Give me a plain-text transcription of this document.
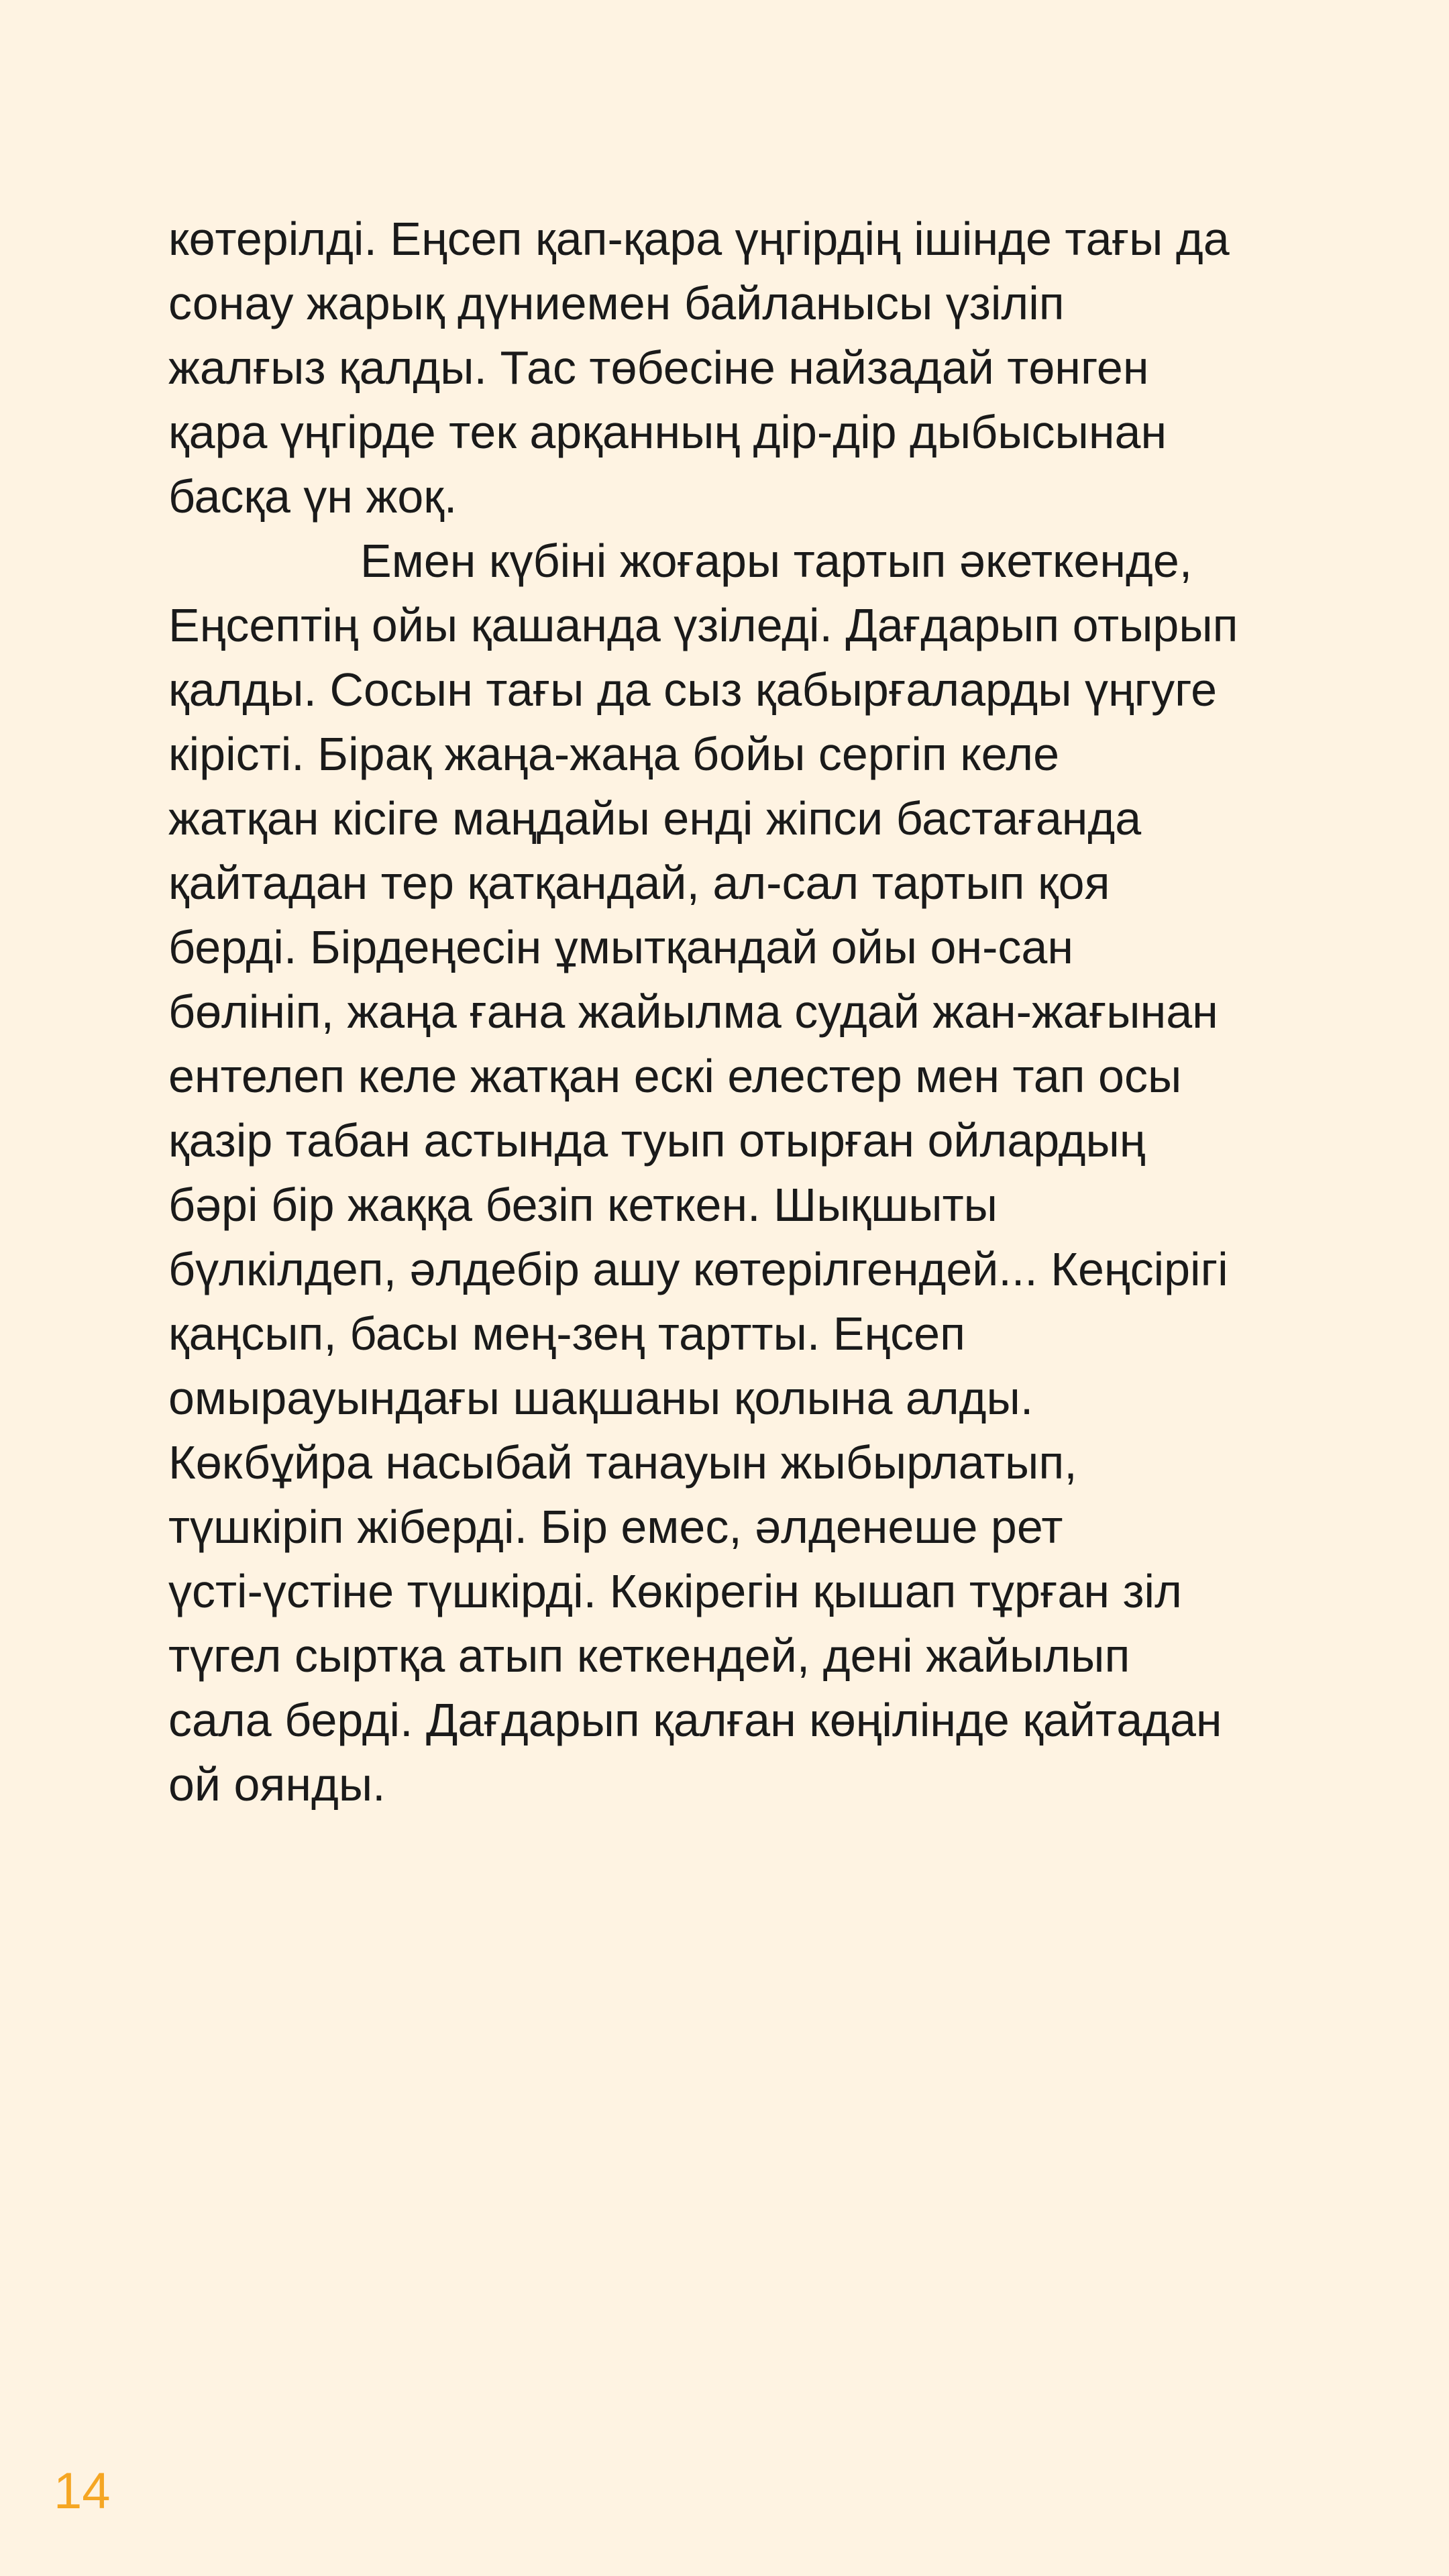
көтерілді. Еңсеп қап-қара үңгірдің ішінде тағы да
сонау жарық дүниемен байланысы үзіліп
жалғыз қалды. Тас төбесіне найзадай төнген
қара үңгірде тек арқанның дір-дір дыбысынан
басқа үн жоқ.
Емен күбіні жоғары тартып әкеткенде,
Еңсептің ойы қашанда үзіледі. Дағдарып отырып
қалды. Сосын тағы да сыз қабырғаларды үңгуге
кірісті. Бірақ жаңа-жаңа бойы сергіп келе
жатқан кісіге маңдайы енді жіпси бастағанда
қайтадан тер қатқандай, ал-сал тартып қоя
берді. Бірдеңесін ұмытқандай ойы он-сан
бөлініп, жаңа ғана жайылма судай жан-жағынан
ентелеп келе жатқан ескі елестер мен тап осы
қазір табан астында туып отырған ойлардың
бәрі бір жаққа безіп кеткен. Шықшыты
бүлкілдеп, әлдебір ашу көтерілгендей... Кеңсірігі
қаңсып, басы мең-зең тартты. Еңсеп
омырауындағы шақшаны қолына алды.
Көкбұйра насыбай танауын жыбырлатып,
түшкіріп жіберді. Бір емес, әлденеше рет
үсті-үстіне түшкірді. Көкірегін қышап тұрған зіл
түгел сыртқа атып кеткендей, дені жайылып
сала берді. Дағдарып қалған көңілінде қайтадан
ой оянды.
14
